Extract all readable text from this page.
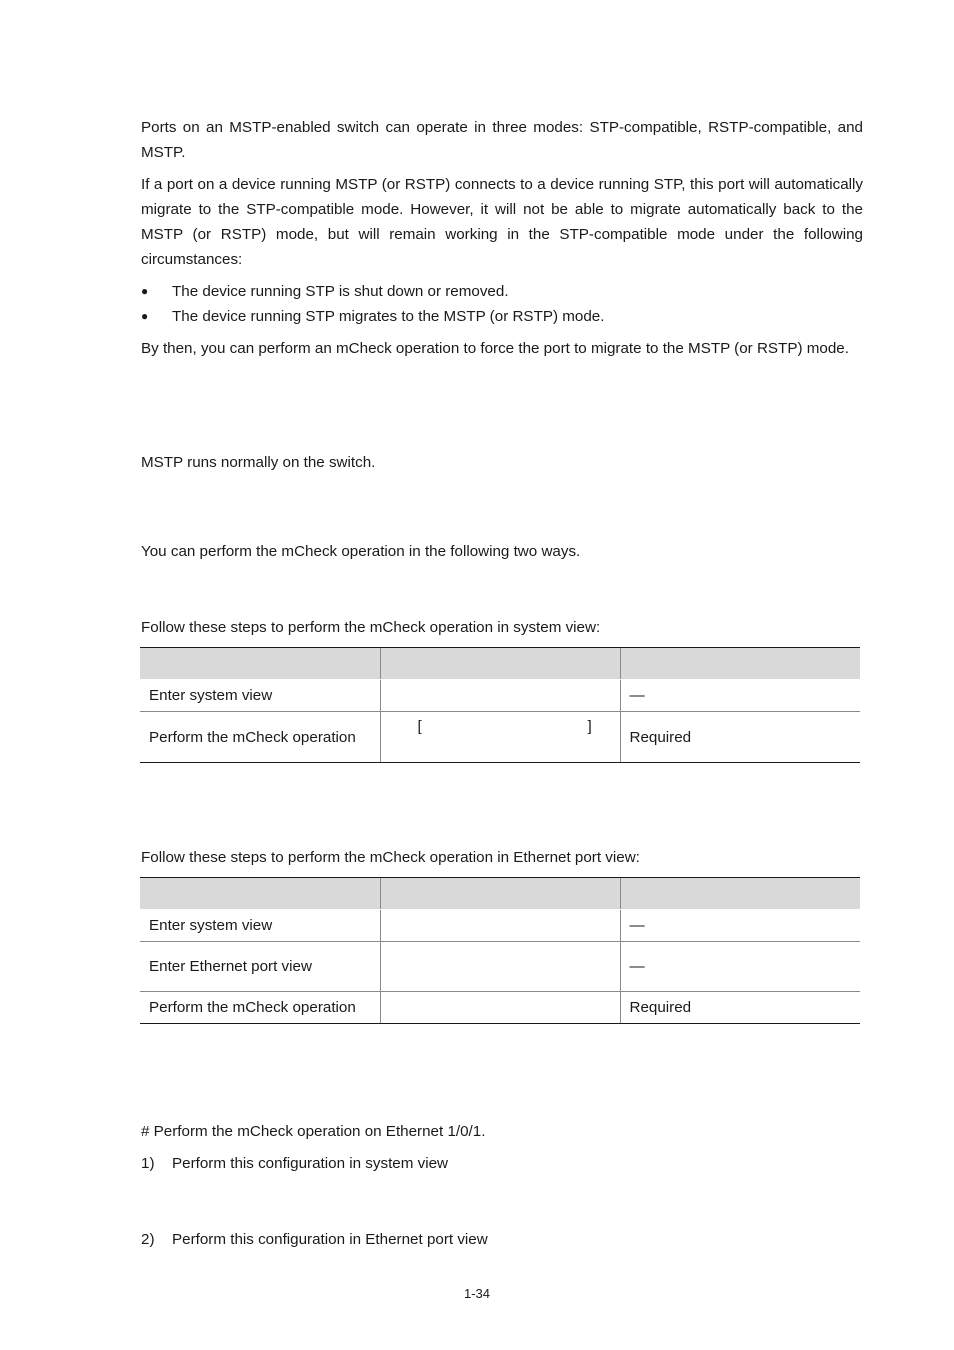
Ports on an MSTP-enabled switch can operate in three modes: STP-compatible, RSTP-compatible, and MSTP.

If a port on a device running MSTP (or RSTP) connects to a device running STP, this port will automatically migrate to the STP-compatible mode. However, it will not be able to migrate automatically back to the MSTP (or RSTP) mode, but will remain working in the STP-compatible mode under the following circumstances:

● The device running STP is shut down or removed.
● The device running STP migrates to the MSTP (or RSTP) mode.

By then, you can perform an mCheck operation to force the port to migrate to the MSTP (or RSTP) mode.

MSTP runs normally on the switch.

You can perform the mCheck operation in the following two ways.

Follow these steps to perform the mCheck operation in system view:

Enter system view		—
Perform the mCheck operation	[ ]	Required

Follow these steps to perform the mCheck operation in Ethernet port view:

Enter system view		—
Enter Ethernet port view		—
Perform the mCheck operation		Required

# Perform the mCheck operation on Ethernet 1/0/1.

1) Perform this configuration in system view
2) Perform this configuration in Ethernet port view
1-34
